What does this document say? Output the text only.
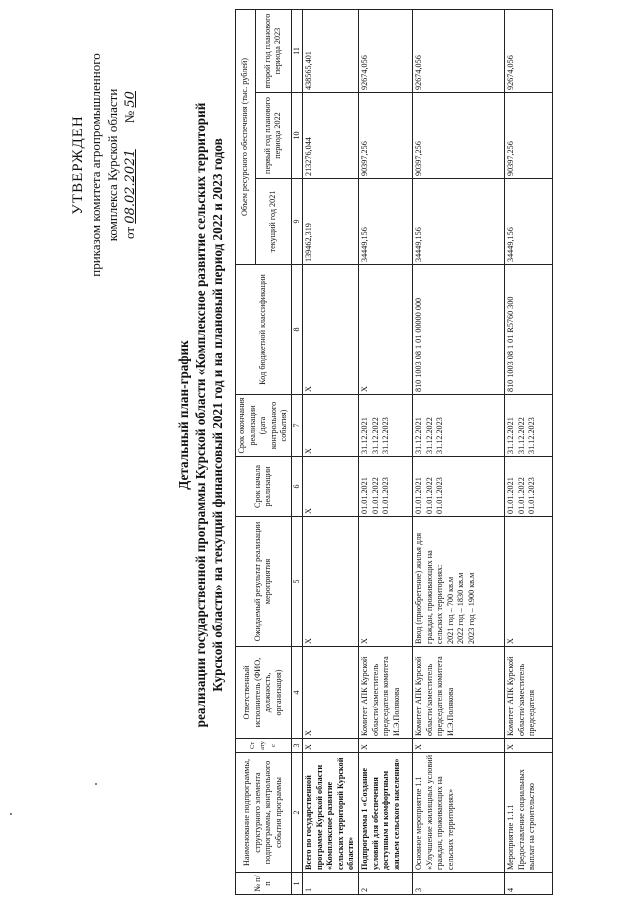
УТВЕРЖДЕН приказом комитета агропромышленного комплекса Курской области от 08.02.2021        № 50
Детальный план-график реализации государственной программы Курской области «Комплексное развитие сельских территорий Курской области» на текущий финансовый 2021 год и на плановый период 2022 и 2023 годов
№ п/п	Наименование подпрограммы, структурного элемента подпрограммы, контрольного события программы	Статус	Ответственный исполнитель (ФИО, должность, организация)	Ожидаемый результат реализации мероприятия	Срок начала реализации	Срок окончания реализации (дата контрольного события)	Код бюджетной классификации	Объем ресурсного обеспечения (тыс. рублей)		
								текущий год 2021	первый год планового периода 2022	второй год планового периода 2023
1	2	3	4	5	6	7	8	9	10	11
1	Всего по государственной программе Курской области «Комплексное развитие сельских территорий Курской области»	Х	Х	Х	Х	Х	Х	139462,319	213276,044	438565,401
2	Подпрограмма 1 «Создание условий для обеспечения доступным и комфортным жильем сельского населения»	Х	Комитет АПК Курской области/заместитель председателя комитета И.Э.Полякова	Х	01.01.2021
01.01.2022
01.01.2023	31.12.2021
31.12.2022
31.12.2023	Х	34449,156	90397,256	92674,056
3	Основное мероприятие 1.1 «Улучшение жилищных условий граждан, проживающих на сельских территориях»	Х	Комитет АПК Курской области/заместитель председателя комитета И.Э.Полякова	Ввод (приобретение) жилья для граждан, проживающих на сельских территориях:
2021 год – 700 кв.м
2022 год – 1830 кв.м
2023 год – 1900 кв.м	01.01.2021
01.01.2022
01.01.2023	31.12.2021
31.12.2022
31.12.2023	810 1003 08 1 01 00000 000	34449,156	90397,256	92674,056
4	Мероприятие 1.1.1 Предоставление социальных выплат на строительство	Х	Комитет АПК Курской области/заместитель председателя	Х	01.01.2021
01.01.2022
01.01.2023	31.12.2021
31.12.2022
31.12.2023	810 1003 08 1 01 R5760 300	34449,156	90397,256	92674,056
